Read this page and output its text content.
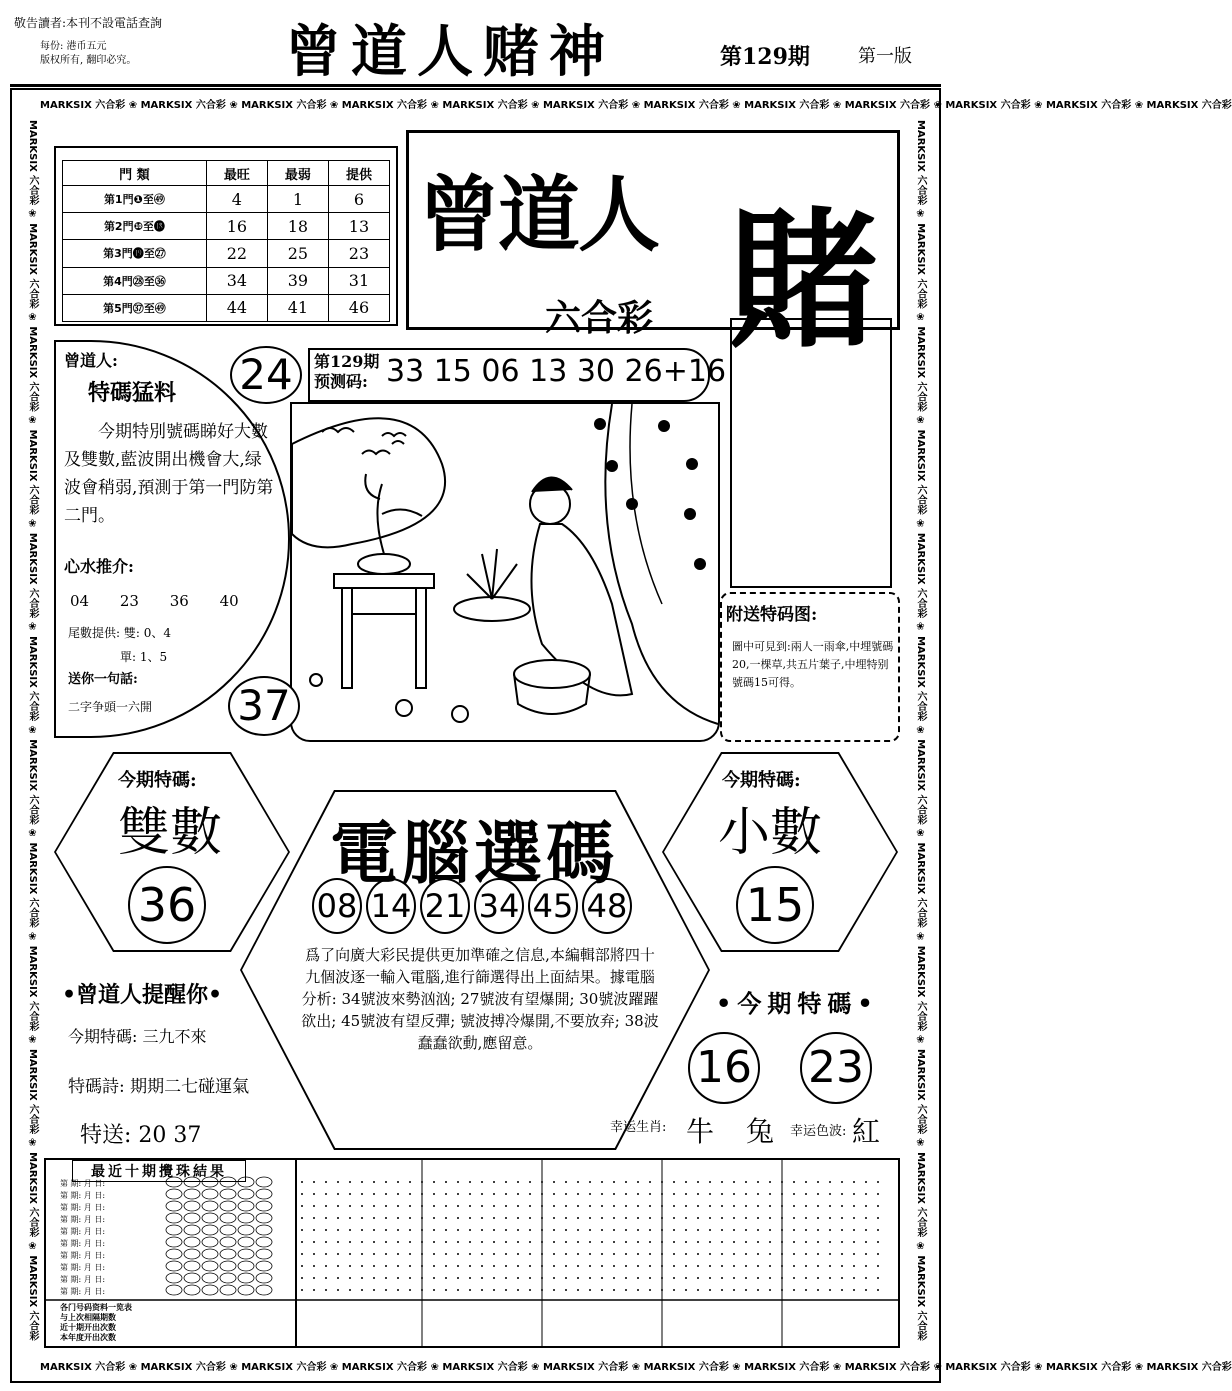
敬告讀者:本刊不設電話查詢
每份: 港币五元
版权所有, 翻印必究。	曾道人赌神	第129期	第一版
MARKSIX 六合彩 ❀ MARKSIX 六合彩 ❀ MARKSIX 六合彩 ❀ MARKSIX 六合彩 ❀ MARKSIX 六合彩 ❀ MARKSIX 六合彩 ❀ MARKSIX 六合彩 ❀ MARKSIX 六合彩 ❀ MARKSIX 六合彩 ❀ MARKSIX 六合彩 ❀ MARKSIX 六合彩 ❀ MARKSIX 六合彩
MARKSIX 六合彩 ❀ MARKSIX 六合彩 ❀ MARKSIX 六合彩 ❀ MARKSIX 六合彩 ❀ MARKSIX 六合彩 ❀ MARKSIX 六合彩 ❀ MARKSIX 六合彩 ❀ MARKSIX 六合彩 ❀ MARKSIX 六合彩 ❀ MARKSIX 六合彩 ❀ MARKSIX 六合彩 ❀ MARKSIX 六合彩
MARKSIX 六合彩 ❀ MARKSIX 六合彩 ❀ MARKSIX 六合彩 ❀ MARKSIX 六合彩 ❀ MARKSIX 六合彩 ❀ MARKSIX 六合彩 ❀ MARKSIX 六合彩 ❀ MARKSIX 六合彩 ❀ MARKSIX 六合彩 ❀ MARKSIX 六合彩 ❀ MARKSIX 六合彩 ❀ MARKSIX 六合彩	MARKSIX 六合彩 ❀ MARKSIX 六合彩 ❀ MARKSIX 六合彩 ❀ MARKSIX 六合彩 ❀ MARKSIX 六合彩 ❀ MARKSIX 六合彩 ❀ MARKSIX 六合彩 ❀ MARKSIX 六合彩 ❀ MARKSIX 六合彩 ❀ MARKSIX 六合彩 ❀ MARKSIX 六合彩 ❀ MARKSIX 六合彩
門 類	最旺	最弱	提供
第1門❶至㊾	4	1	6
第2門❿至⓲	16	18	13
第3門⓳至㉗	22	25	23
第4門㉘至㊱	34	39	31
第5門㊲至㊾	44	41	46
曾道人 賭
六合彩
曾道人:
特碼猛料
今期特別號碼睇好大數及雙數,藍波開出機會大,绿波會稍弱,預測于第一門防第二門。
心水推介:
04 23 36 40
尾數提供: 雙: 0、4
單: 1、5
送你一句話:
二字争頭一六開
第129期
预测码: 33 15 06 13 30 26+16
24
37
附送特码图:
圖中可見到:兩人一雨傘,中埋號碼20,一棵草,共五片葉子,中埋特别號碼15可得。
今期特碼:
雙數
36
今期特碼:
小數
15
電腦選碼
08 14 21 34 45 48
爲了向廣大彩民提供更加準確之信息,本編輯部將四十九個波逐一輸入電腦,進行篩選得出上面結果。據電腦分析: 34號波來勢汹汹; 27號波有望爆開; 30號波躍躍欲出; 45號波有望反彈; 號波搏冷爆開,不要放弃; 38波蠢蠢欲動,應留意。
•曾道人提醒你•
今期特碼: 三九不來
特碼詩: 期期二七碰運氣
特送: 20 37
•今期特碼•
16 23
幸运生肖: 牛 兔 幸运色波: 紅
第 期: 月 日:
第 期: 月 日:
第 期: 月 日:
第 期: 月 日:
第 期: 月 日:
第 期: 月 日:
第 期: 月 日:
第 期: 月 日:
第 期: 月 日:
第 期: 月 日:
各门号码资料一览表
与上次相隔期数
近十期开出次数
本年度开出次数
最近十期攪珠結果
